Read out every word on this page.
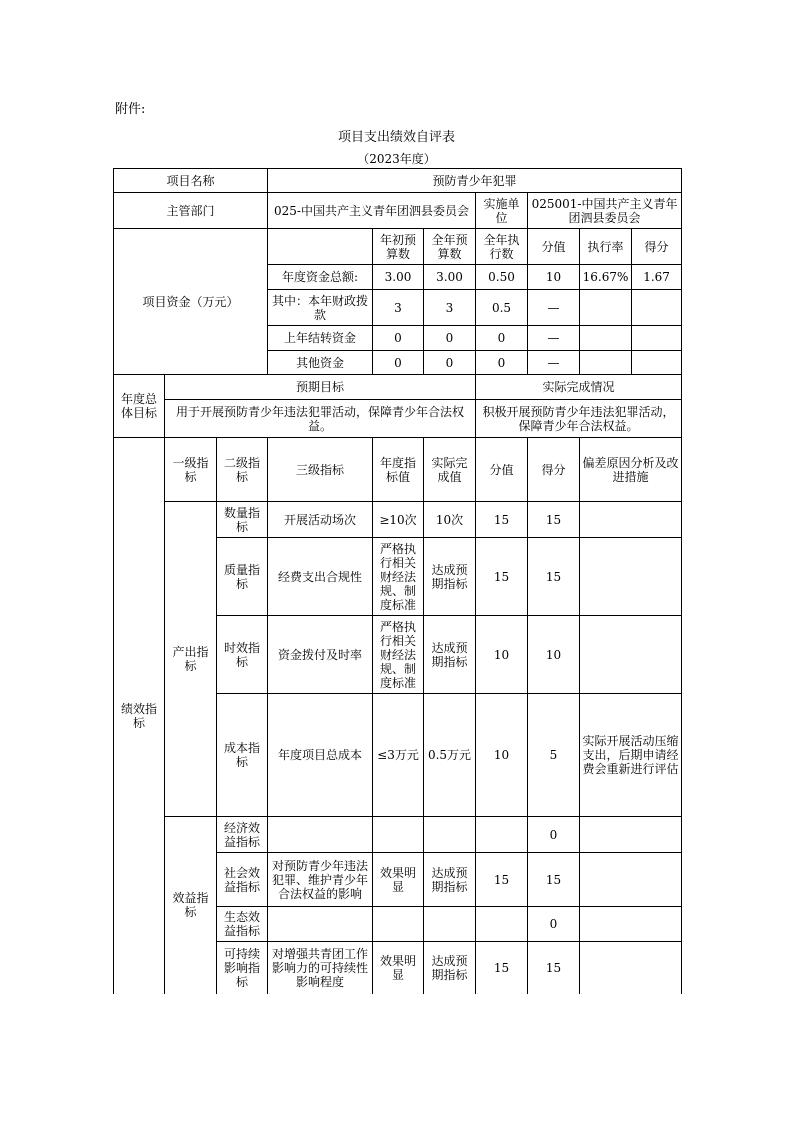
附件:
项目支出绩效自评表
（2023年度）
项目名称			预防青少年犯罪						
主管部门			025-中国共产主义青年团泗县委员会			实施单位	025001-中国共产主义青年团泗县委员会		
项目资金（万元）				年初预算数	全年预算数	全年执行数	分值	执行率	得分
			年度资金总额:	3.00	3.00	0.50	10	16.67%	1.67
			其中：本年财政拨款	3	3	0.5	—		
			上年结转资金	0	0	0	—		
			其他资金	0	0	0	—		
年度总体目标	预期目标					实际完成情况			
	用于开展预防青少年违法犯罪活动，保障青少年合法权益。					积极开展预防青少年违法犯罪活动，保障青少年合法权益。			
绩效指标	一级指标	二级指标	三级指标	年度指标值	实际完成值	分值	得分	偏差原因分析及改进措施	
	产出指标	数量指标	开展活动场次	≥10次	10次	15	15		
		质量指标	经费支出合规性	严格执行相关财经法规、制度标准	达成预期指标	15	15		
		时效指标	资金拨付及时率	严格执行相关财经法规、制度标准	达成预期指标	10	10		
		成本指标	年度项目总成本	≤3万元	0.5万元	10	5	实际开展活动压缩支出，后期申请经费会重新进行评估	
	效益指标	经济效益指标					0		
		社会效益指标	对预防青少年违法犯罪、维护青少年合法权益的影响	效果明显	达成预期指标	15	15		
		生态效益指标					0		
		可持续影响指标	对增强共青团工作影响力的可持续性影响程度	效果明显	达成预期指标	15	15		
